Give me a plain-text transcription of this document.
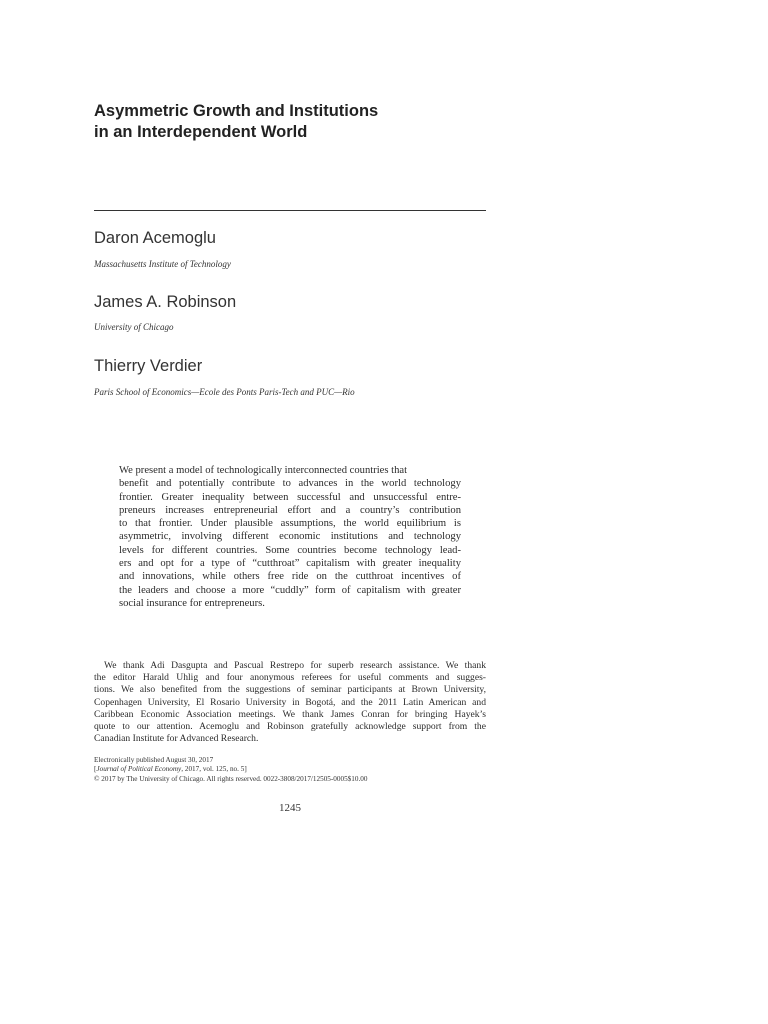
Asymmetric Growth and Institutions
in an Interdependent World
Daron Acemoglu
Massachusetts Institute of Technology
James A. Robinson
University of Chicago
Thierry Verdier
Paris School of Economics—Ecole des Ponts Paris-Tech and PUC—Rio
We present a model of technologically interconnected countries that
benefit and potentially contribute to advances in the world technology
frontier. Greater inequality between successful and unsuccessful entre-
preneurs increases entrepreneurial effort and a country’s contribution
to that frontier. Under plausible assumptions, the world equilibrium is
asymmetric, involving different economic institutions and technology
levels for different countries. Some countries become technology lead-
ers and opt for a type of “cutthroat” capitalism with greater inequality
and innovations, while others free ride on the cutthroat incentives of
the leaders and choose a more “cuddly” form of capitalism with greater
social insurance for entrepreneurs.
We thank Adi Dasgupta and Pascual Restrepo for superb research assistance. We thank
the editor Harald Uhlig and four anonymous referees for useful comments and sugges-
tions. We also benefited from the suggestions of seminar participants at Brown University,
Copenhagen University, El Rosario University in Bogotá, and the 2011 Latin American and
Caribbean Economic Association meetings. We thank James Conran for bringing Hayek’s
quote to our attention. Acemoglu and Robinson gratefully acknowledge support from the
Canadian Institute for Advanced Research.
Electronically published August 30, 2017
[Journal of Political Economy, 2017, vol. 125, no. 5]
© 2017 by The University of Chicago. All rights reserved. 0022-3808/2017/12505-0005$10.00
1245
